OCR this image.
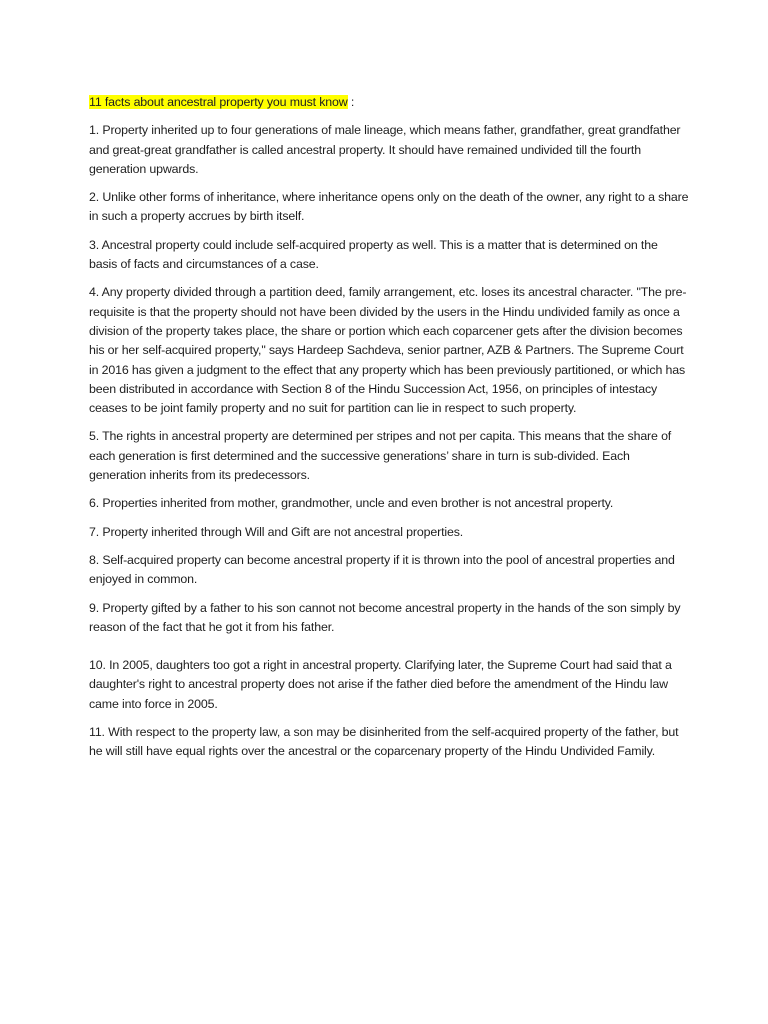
11 facts about ancestral property you must know :

1. Property inherited up to four generations of male lineage, which means father, grandfather, great grandfather and great-great grandfather is called ancestral property. It should have remained undivided till the fourth generation upwards.

2. Unlike other forms of inheritance, where inheritance opens only on the death of the owner, any right to a share in such a property accrues by birth itself.

3. Ancestral property could include self-acquired property as well. This is a matter that is determined on the basis of facts and circumstances of a case.

4. Any property divided through a partition deed, family arrangement, etc. loses its ancestral character. "The pre-requisite is that the property should not have been divided by the users in the Hindu undivided family as once a division of the property takes place, the share or portion which each coparcener gets after the division becomes his or her self-acquired property," says Hardeep Sachdeva, senior partner, AZB & Partners. The Supreme Court in 2016 has given a judgment to the effect that any property which has been previously partitioned, or which has been distributed in accordance with Section 8 of the Hindu Succession Act, 1956, on principles of intestacy ceases to be joint family property and no suit for partition can lie in respect to such property.

5. The rights in ancestral property are determined per stripes and not per capita. This means that the share of each generation is first determined and the successive generations’ share in turn is sub-divided. Each generation inherits from its predecessors.

6. Properties inherited from mother, grandmother, uncle and even brother is not ancestral property.

7. Property inherited through Will and Gift are not ancestral properties.

8. Self-acquired property can become ancestral property if it is thrown into the pool of ancestral properties and enjoyed in common.

9. Property gifted by a father to his son cannot not become ancestral property in the hands of the son simply by reason of the fact that he got it from his father.

10. In 2005, daughters too got a right in ancestral property. Clarifying later, the Supreme Court had said that a daughter's right to ancestral property does not arise if the father died before the amendment of the Hindu law came into force in 2005.

11. With respect to the property law, a son may be disinherited from the self-acquired property of the father, but he will still have equal rights over the ancestral or the coparcenary property of the Hindu Undivided Family.
